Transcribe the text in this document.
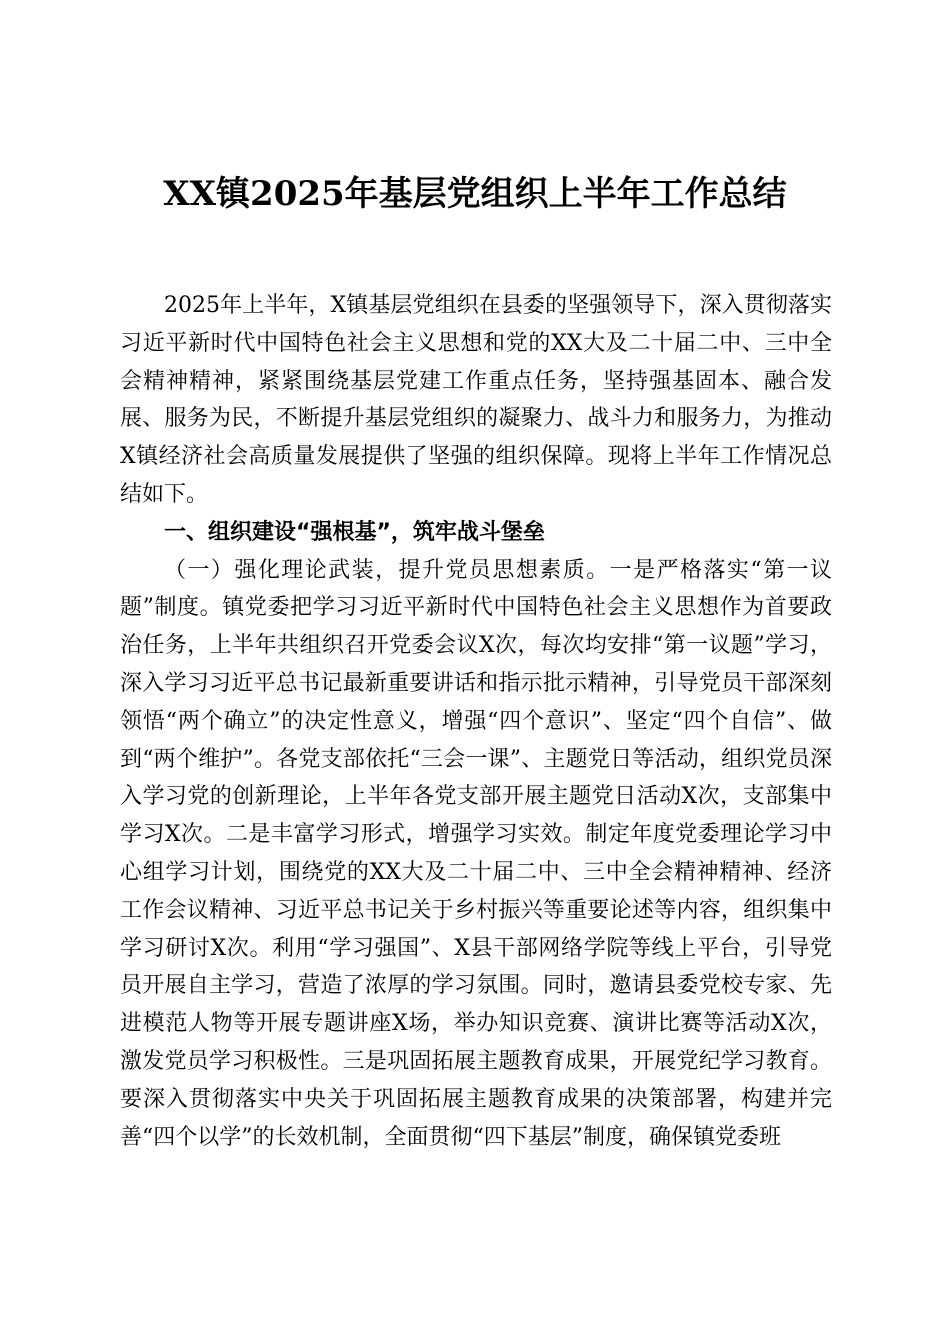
XX镇2025年基层党组织上半年工作总结

2025年上半年，X镇基层党组织在县委的坚强领导下，深入贯彻落实习近平新时代中国特色社会主义思想和党的XX大及二十届二中、三中全会精神精神，紧紧围绕基层党建工作重点任务，坚持强基固本、融合发展、服务为民，不断提升基层党组织的凝聚力、战斗力和服务力，为推动X镇经济社会高质量发展提供了坚强的组织保障。现将上半年工作情况总结如下。

一、组织建设“强根基”，筑牢战斗堡垒

（一）强化理论武装，提升党员思想素质。一是严格落实“第一议题”制度。镇党委把学习习近平新时代中国特色社会主义思想作为首要政治任务，上半年共组织召开党委会议X次，每次均安排“第一议题”学习，深入学习习近平总书记最新重要讲话和指示批示精神，引导党员干部深刻领悟“两个确立”的决定性意义，增强“四个意识”、坚定“四个自信”、做到“两个维护”。各党支部依托“三会一课”、主题党日等活动，组织党员深入学习党的创新理论，上半年各党支部开展主题党日活动X次，支部集中学习X次。二是丰富学习形式，增强学习实效。制定年度党委理论学习中心组学习计划，围绕党的XX大及二十届二中、三中全会精神精神、经济工作会议精神、习近平总书记关于乡村振兴等重要论述等内容，组织集中学习研讨X次。利用“学习强国”、X县干部网络学院等线上平台，引导党员开展自主学习，营造了浓厚的学习氛围。同时，邀请县委党校专家、先进模范人物等开展专题讲座X场，举办知识竞赛、演讲比赛等活动X次，激发党员学习积极性。三是巩固拓展主题教育成果，开展党纪学习教育。要深入贯彻落实中央关于巩固拓展主题教育成果的决策部署，构建并完善“四个以学”的长效机制，全面贯彻“四下基层”制度，确保镇党委班
